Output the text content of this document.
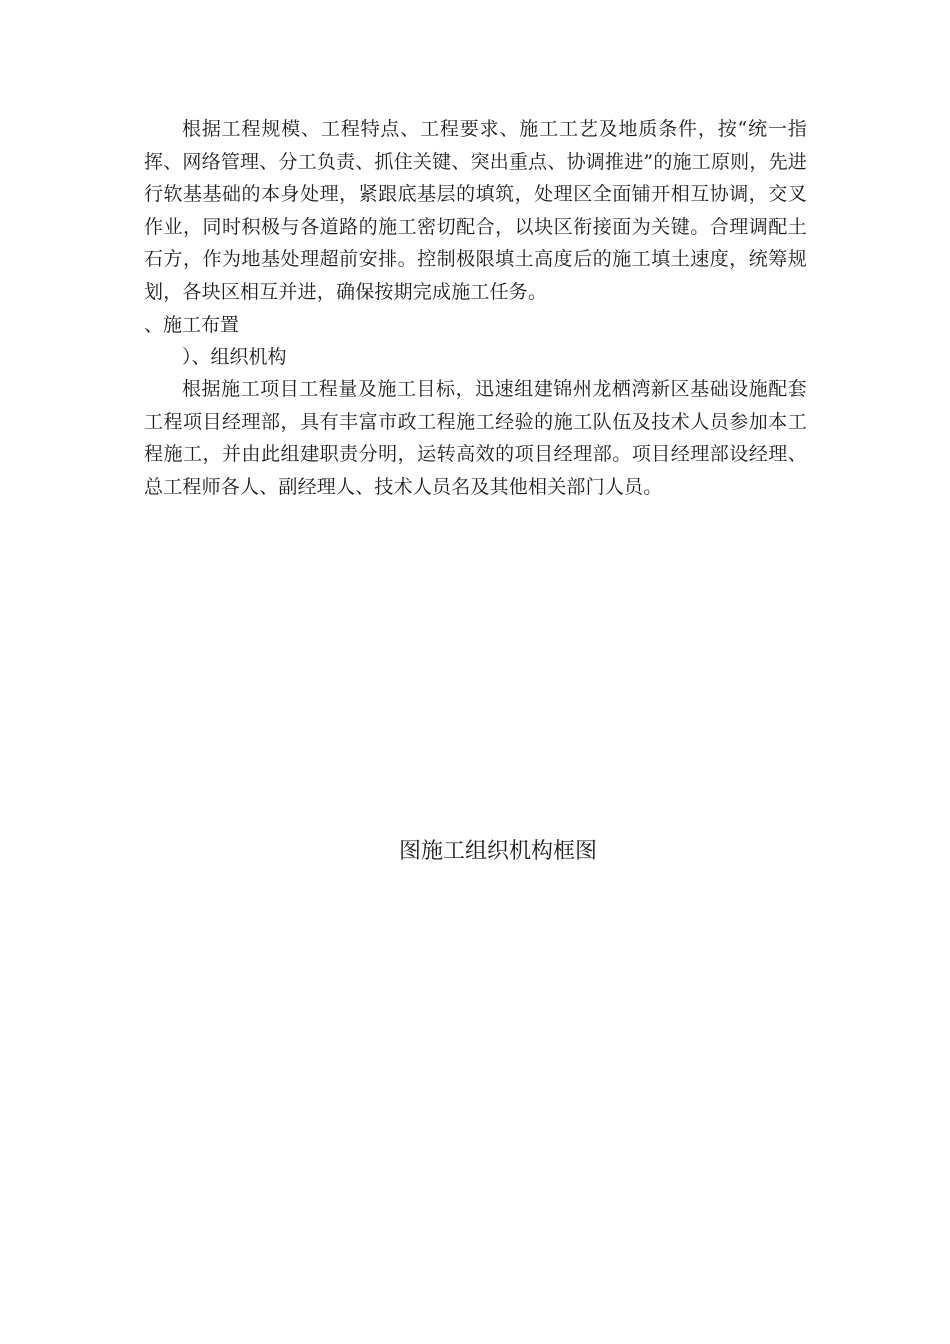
根据工程规模、工程特点、工程要求、施工工艺及地质条件，按“统一指挥、网络管理、分工负责、抓住关键、突出重点、协调推进”的施工原则，先进行软基基础的本身处理，紧跟底基层的填筑，处理区全面铺开相互协调，交叉作业，同时积极与各道路的施工密切配合，以块区衔接面为关键。合理调配土石方，作为地基处理超前安排。控制极限填土高度后的施工填土速度，统筹规划，各块区相互并进，确保按期完成施工任务。

、施工布置

）、组织机构

根据施工项目工程量及施工目标，迅速组建锦州龙栖湾新区基础设施配套工程项目经理部，具有丰富市政工程施工经验的施工队伍及技术人员参加本工程施工，并由此组建职责分明，运转高效的项目经理部。项目经理部设经理、总工程师各人、副经理人、技术人员名及其他相关部门人员。

图施工组织机构框图
